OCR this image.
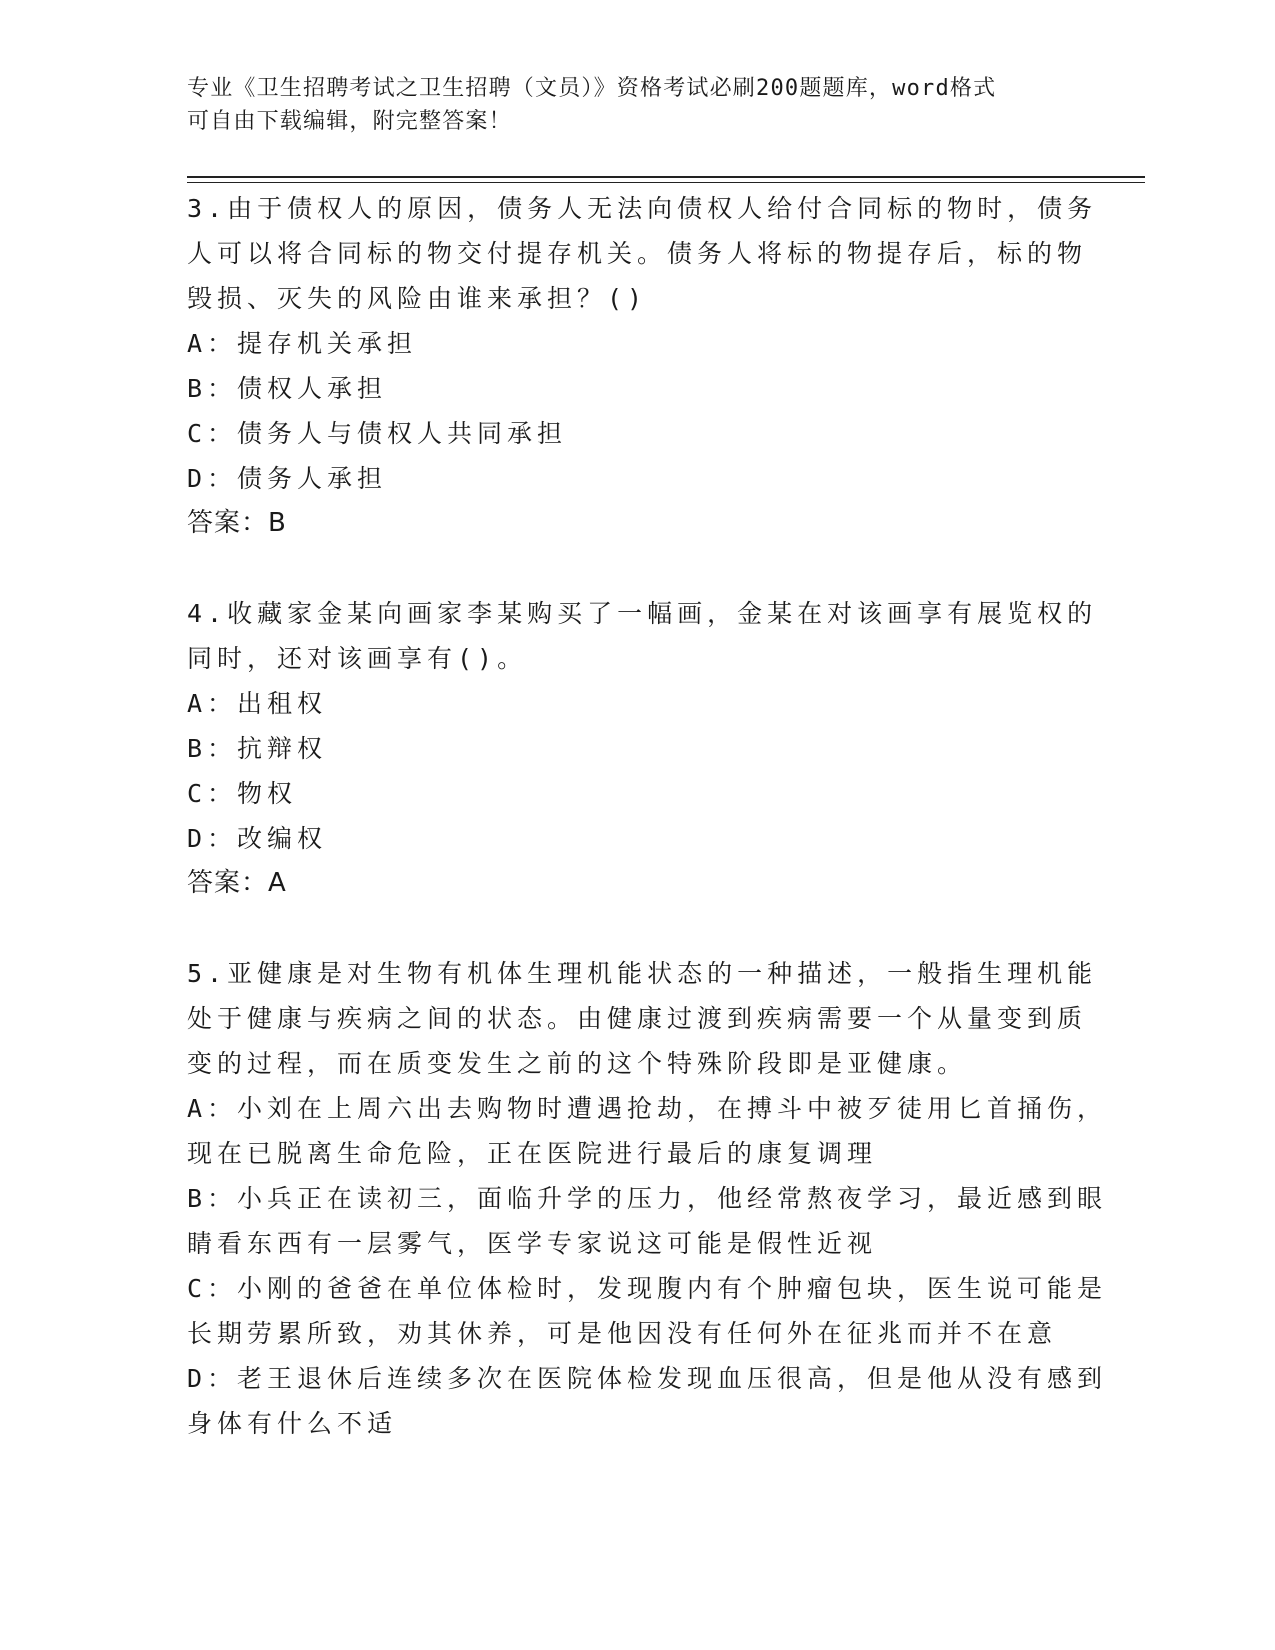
专业《卫生招聘考试之卫生招聘（文员）》资格考试必刷200题题库，word格式
可自由下载编辑，附完整答案！
3.由于债权人的原因，债务人无法向债权人给付合同标的物时，债务
人可以将合同标的物交付提存机关。债务人将标的物提存后，标的物
毁损、灭失的风险由谁来承担？()
A：提存机关承担
B：债权人承担
C：债务人与债权人共同承担
D：债务人承担
答案：B
4.收藏家金某向画家李某购买了一幅画，金某在对该画享有展览权的
同时，还对该画享有()。
A：出租权
B：抗辩权
C：物权
D：改编权
答案：A
5.亚健康是对生物有机体生理机能状态的一种描述，一般指生理机能
处于健康与疾病之间的状态。由健康过渡到疾病需要一个从量变到质
变的过程，而在质变发生之前的这个特殊阶段即是亚健康。
A：小刘在上周六出去购物时遭遇抢劫，在搏斗中被歹徒用匕首捅伤，
现在已脱离生命危险，正在医院进行最后的康复调理
B：小兵正在读初三，面临升学的压力，他经常熬夜学习，最近感到眼
睛看东西有一层雾气，医学专家说这可能是假性近视
C：小刚的爸爸在单位体检时，发现腹内有个肿瘤包块，医生说可能是
长期劳累所致，劝其休养，可是他因没有任何外在征兆而并不在意
D：老王退休后连续多次在医院体检发现血压很高，但是他从没有感到
身体有什么不适
